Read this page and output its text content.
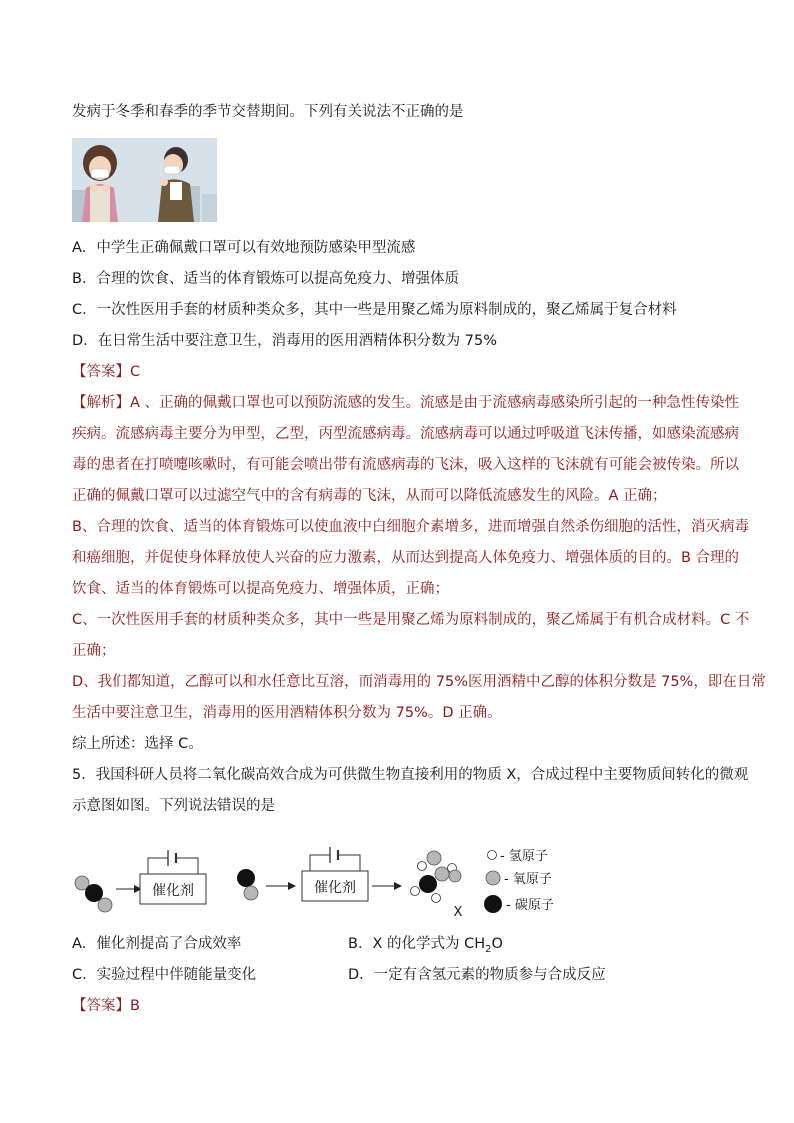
发病于冬季和春季的季节交替期间。下列有关说法不正确的是
A．中学生正确佩戴口罩可以有效地预防感染甲型流感
B．合理的饮食、适当的体育锻炼可以提高免疫力、增强体质
C．一次性医用手套的材质种类众多，其中一些是用聚乙烯为原料制成的，聚乙烯属于复合材料
D．在日常生活中要注意卫生，消毒用的医用酒精体积分数为 75%
【答案】C
【解析】A 、正确的佩戴口罩也可以预防流感的发生。流感是由于流感病毒感染所引起的一种急性传染性
疾病。流感病毒主要分为甲型，乙型，丙型流感病毒。流感病毒可以通过呼吸道飞沫传播，如感染流感病
毒的患者在打喷嚏咳嗽时，有可能会喷出带有流感病毒的飞沫，吸入这样的飞沫就有可能会被传染。所以
正确的佩戴口罩可以过滤空气中的含有病毒的飞沫，从而可以降低流感发生的风险。A 正确；
B、合理的饮食、适当的体育锻炼可以使血液中白细胞介素增多，进而增强自然杀伤细胞的活性，消灭病毒
和癌细胞，并促使身体释放使人兴奋的应力激素，从而达到提高人体免疫力、增强体质的目的。B 合理的
饮食、适当的体育锻炼可以提高免疫力、增强体质，正确；
C、一次性医用手套的材质种类众多，其中一些是用聚乙烯为原料制成的，聚乙烯属于有机合成材料。C 不
正确；
D、我们都知道，乙醇可以和水任意比互溶，而消毒用的 75%医用酒精中乙醇的体积分数是 75%，即在日常
生活中要注意卫生，消毒用的医用酒精体积分数为 75%。D 正确。
综上所述：选择 C。
5．我国科研人员将二氧化碳高效合成为可供微生物直接利用的物质 X，合成过程中主要物质间转化的微观
示意图如图。下列说法错误的是
催化剂	催化剂
X
- 氢原子
- 氧原子
- 碳原子
A．催化剂提高了合成效率	B．X 的化学式为 $CH_2O$
C．实验过程中伴随能量变化	D．一定有含氢元素的物质参与合成反应
【答案】B
